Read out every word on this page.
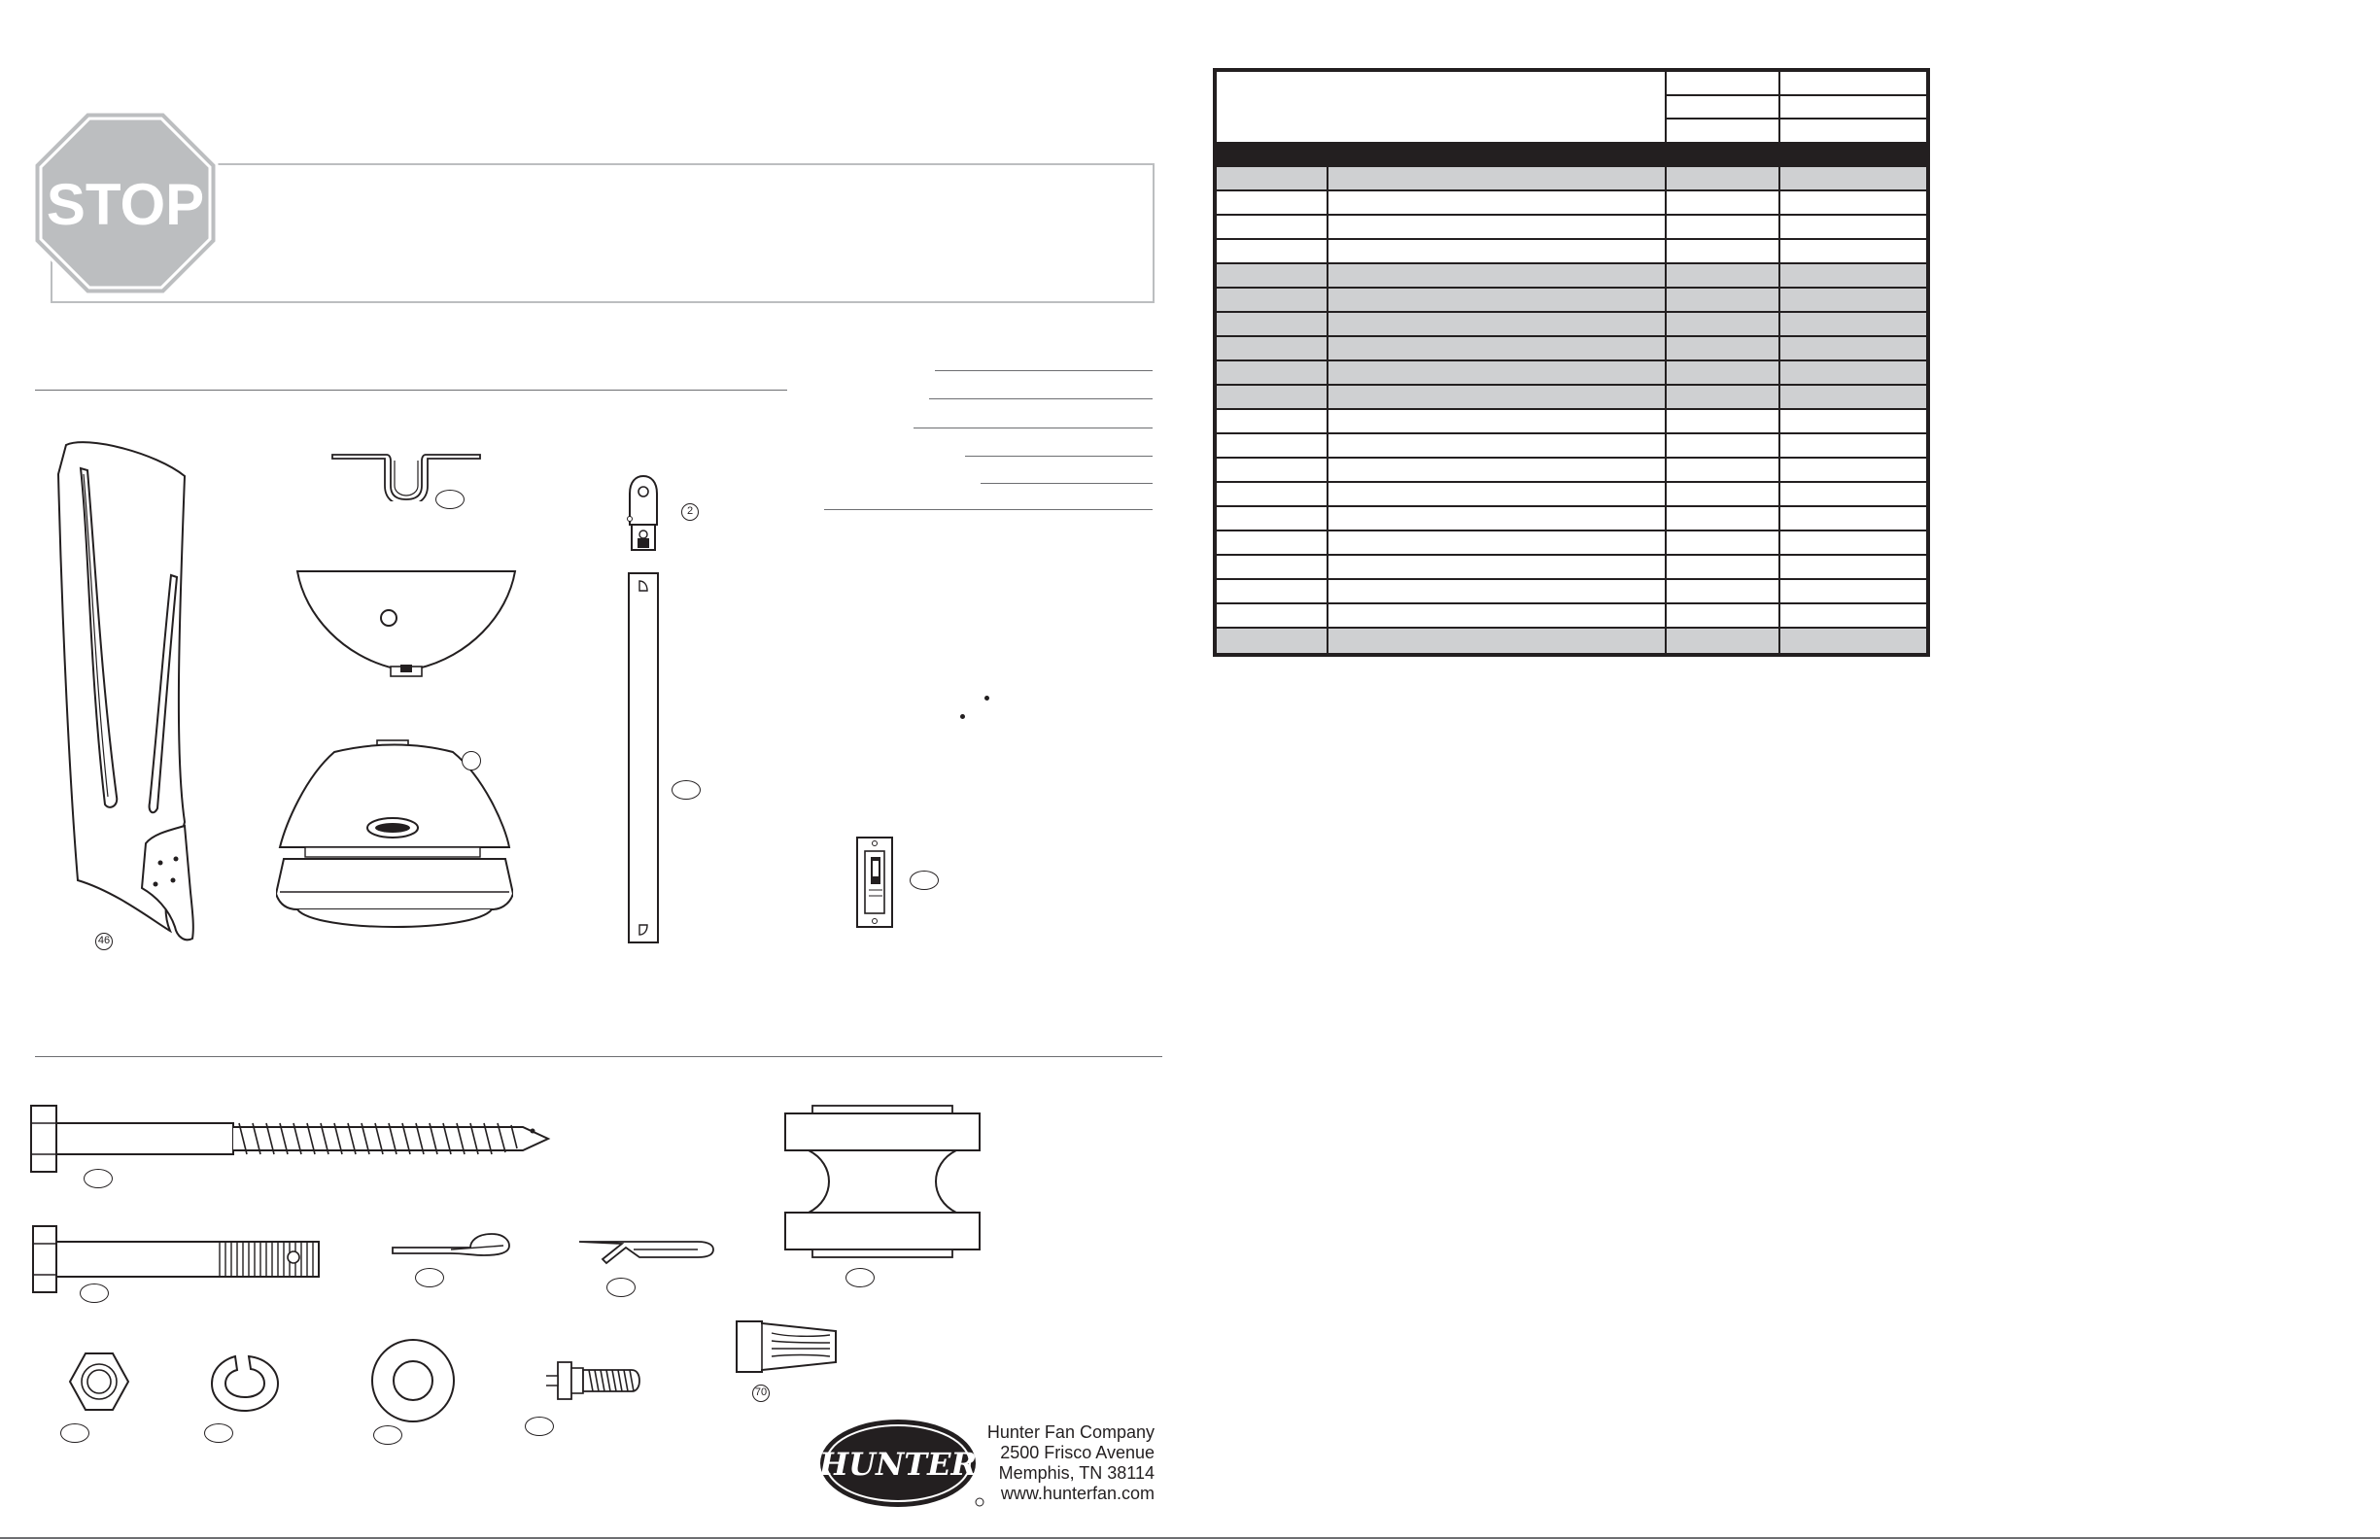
STOP
46
2
70
HUNTER
Hunter Fan Company
2500 Frisco Avenue
Memphis, TN 38114
www.hunterfan.com
